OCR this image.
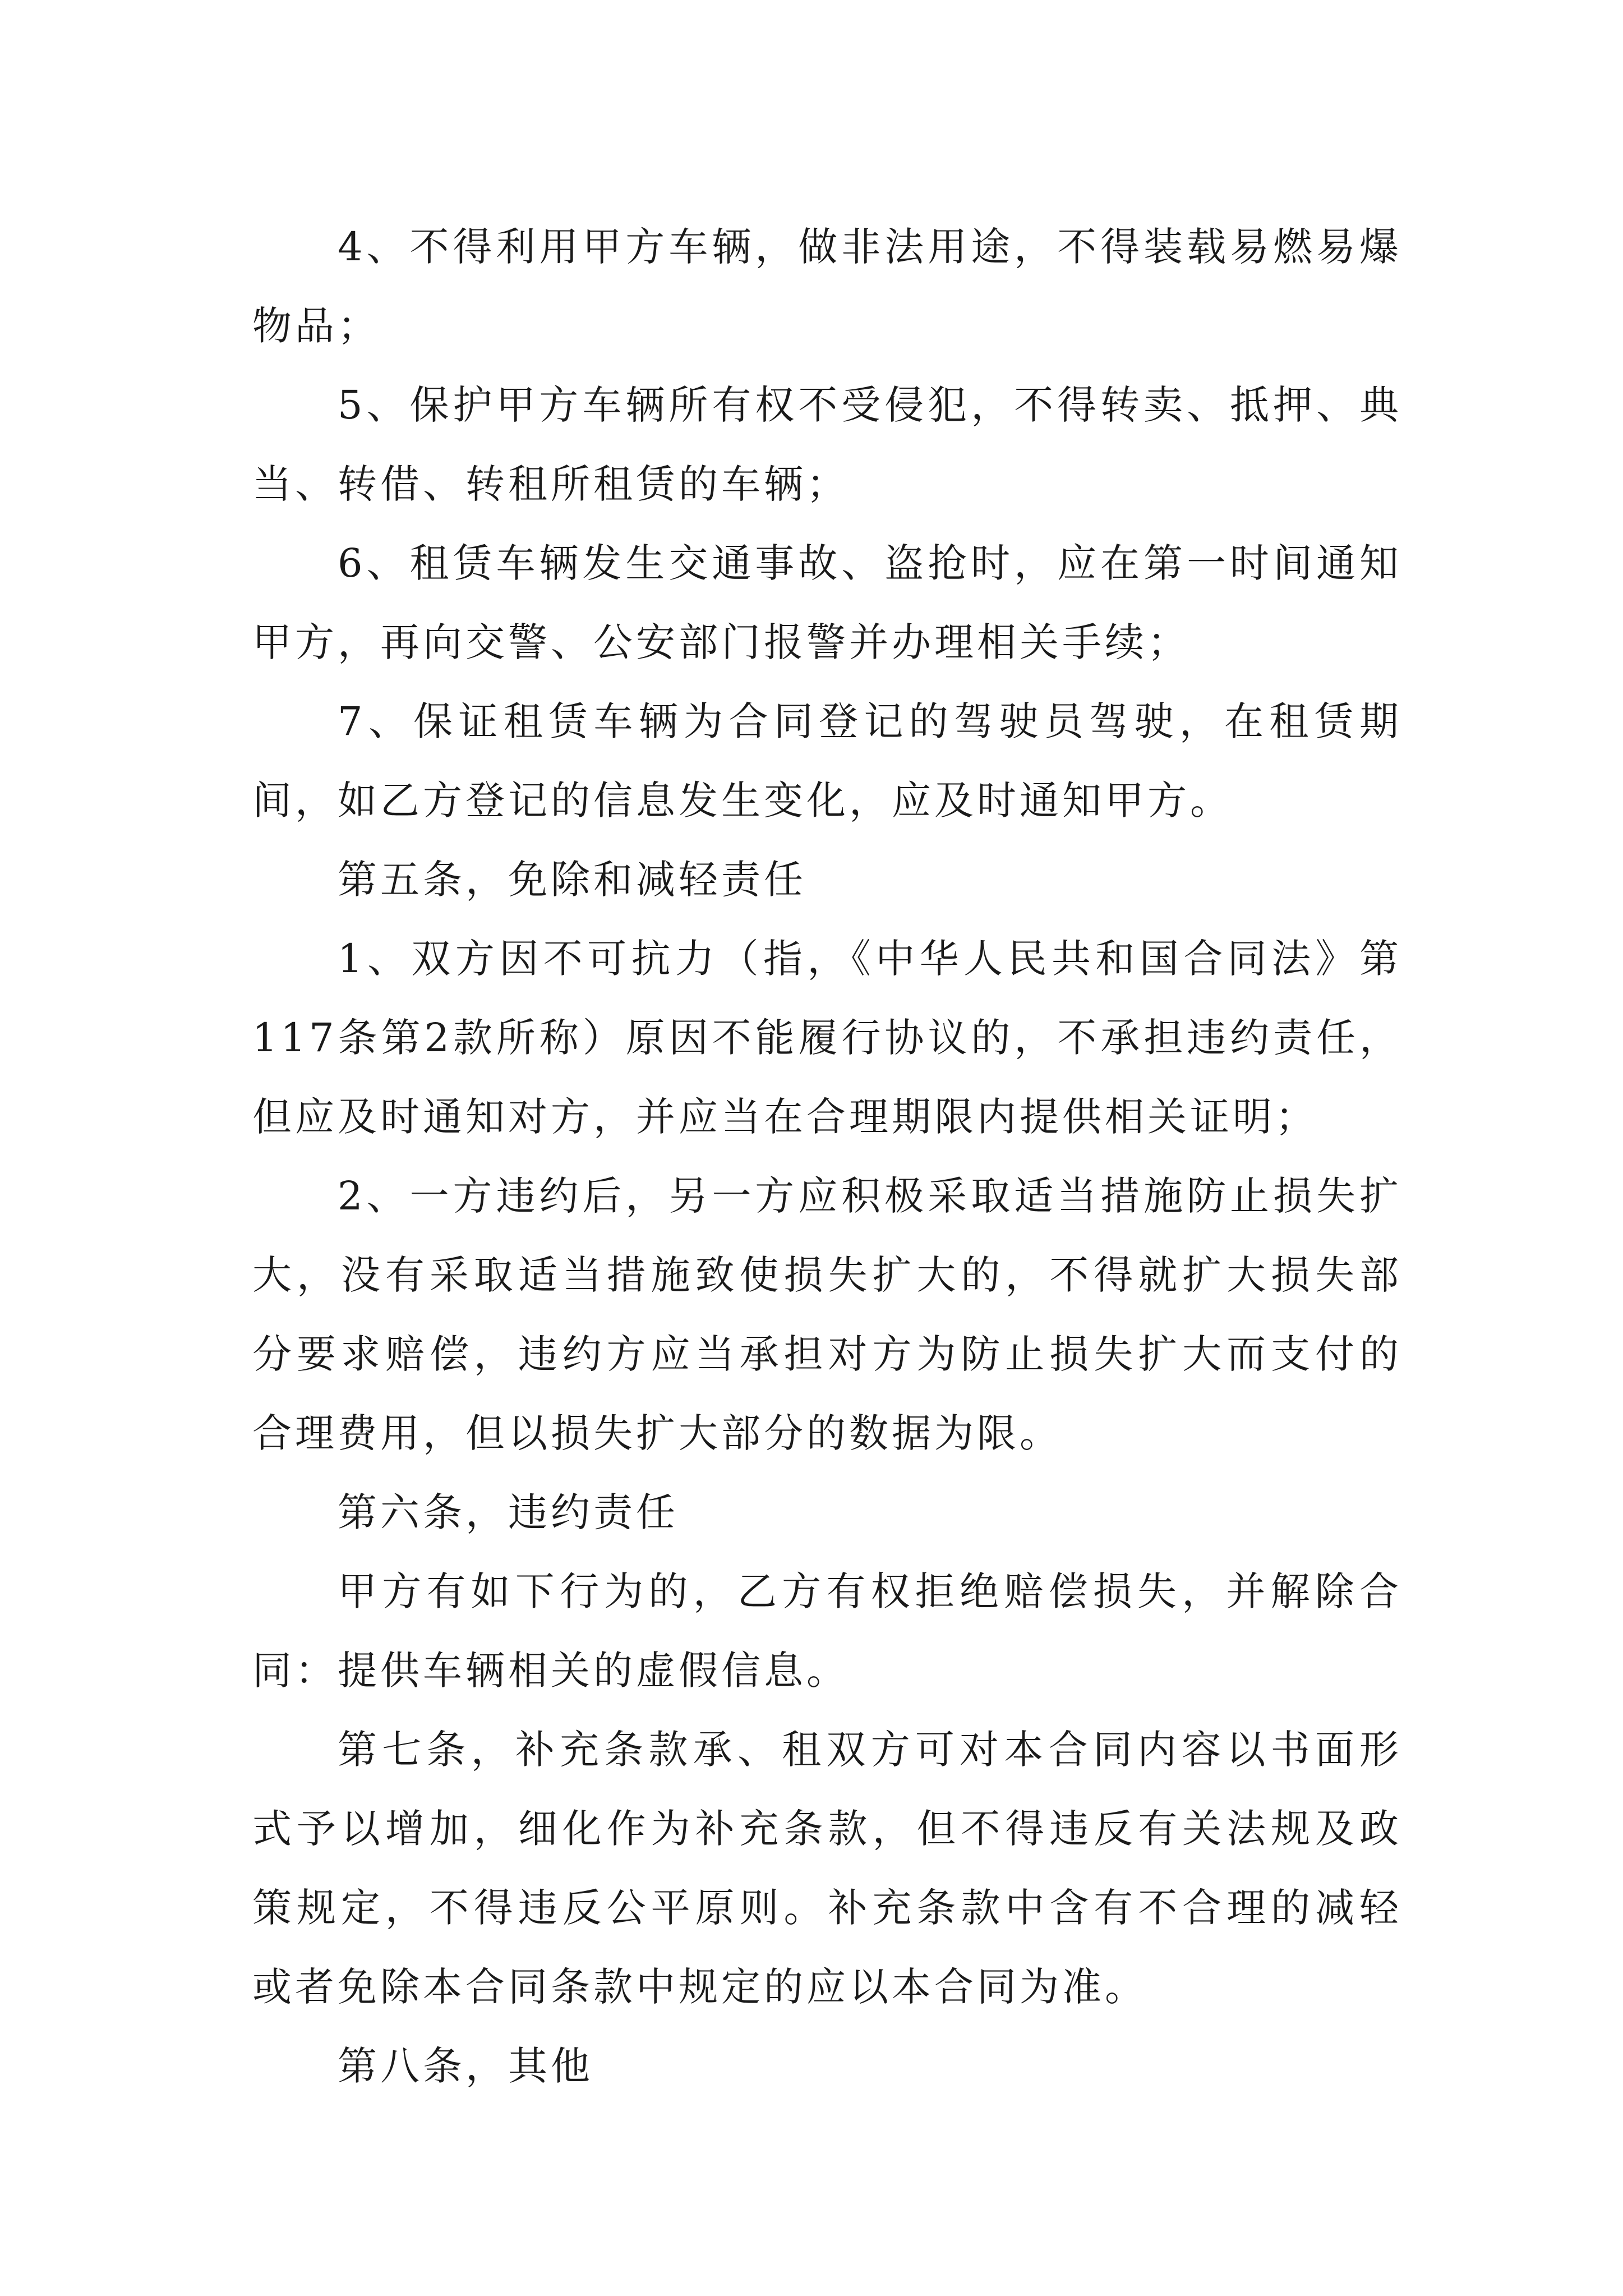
4、不得利用甲方车辆，做非法用途，不得装载易燃易爆物品；

5、保护甲方车辆所有权不受侵犯，不得转卖、抵押、典当、转借、转租所租赁的车辆；

6、租赁车辆发生交通事故、盗抢时，应在第一时间通知甲方，再向交警、公安部门报警并办理相关手续；

7、保证租赁车辆为合同登记的驾驶员驾驶，在租赁期间，如乙方登记的信息发生变化，应及时通知甲方。

第五条，免除和减轻责任

1、双方因不可抗力（指，《中华人民共和国合同法》第117条第2款所称）原因不能履行协议的，不承担违约责任，但应及时通知对方，并应当在合理期限内提供相关证明；

2、一方违约后，另一方应积极采取适当措施防止损失扩大，没有采取适当措施致使损失扩大的，不得就扩大损失部分要求赔偿，违约方应当承担对方为防止损失扩大而支付的合理费用，但以损失扩大部分的数据为限。

第六条，违约责任

甲方有如下行为的，乙方有权拒绝赔偿损失，并解除合同：提供车辆相关的虚假信息。

第七条，补充条款承、租双方可对本合同内容以书面形式予以增加，细化作为补充条款，但不得违反有关法规及政策规定，不得违反公平原则。补充条款中含有不合理的减轻或者免除本合同条款中规定的应以本合同为准。

第八条，其他
